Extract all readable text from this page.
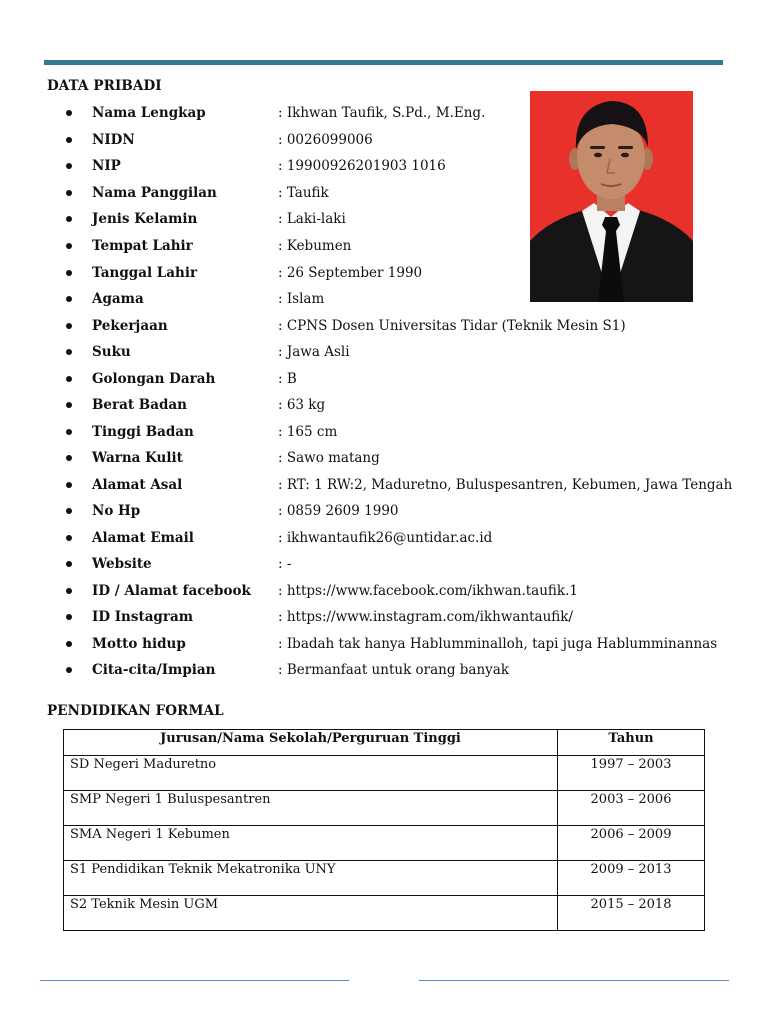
DATA PRIBADI
Nama Lengkap	: Ikhwan Taufik, S.Pd., M.Eng.
NIDN	: 0026099006
NIP	: 19900926201903 1016
Nama Panggilan	: Taufik
Jenis Kelamin	: Laki-laki
Tempat Lahir	: Kebumen
Tanggal Lahir	: 26 September 1990
Agama	: Islam
Pekerjaan	: CPNS Dosen Universitas Tidar (Teknik Mesin S1)
Suku	: Jawa Asli
Golongan Darah	: B
Berat Badan	: 63 kg
Tinggi Badan	: 165 cm
Warna Kulit	: Sawo matang
Alamat Asal	: RT: 1 RW:2, Maduretno, Buluspesantren, Kebumen, Jawa Tengah
No Hp	: 0859 2609 1990
Alamat Email	: ikhwantaufik26@untidar.ac.id
Website	: -
ID / Alamat facebook : https://www.facebook.com/ikhwan.taufik.1
ID Instagram	: https://www.instagram.com/ikhwantaufik/
Motto hidup	: Ibadah tak hanya Hablumminalloh, tapi juga Hablumminannas
Cita-cita/Impian	: Bermanfaat untuk orang banyak
PENDIDIKAN FORMAL
Jurusan/Nama Sekolah/Perguruan Tinggi	Tahun
SD Negeri Maduretno	1997 – 2003
SMP Negeri 1 Buluspesantren	2003 – 2006
SMA Negeri 1 Kebumen	2006 – 2009
S1 Pendidikan Teknik Mekatronika UNY	2009 – 2013
S2 Teknik Mesin UGM	2015 – 2018
